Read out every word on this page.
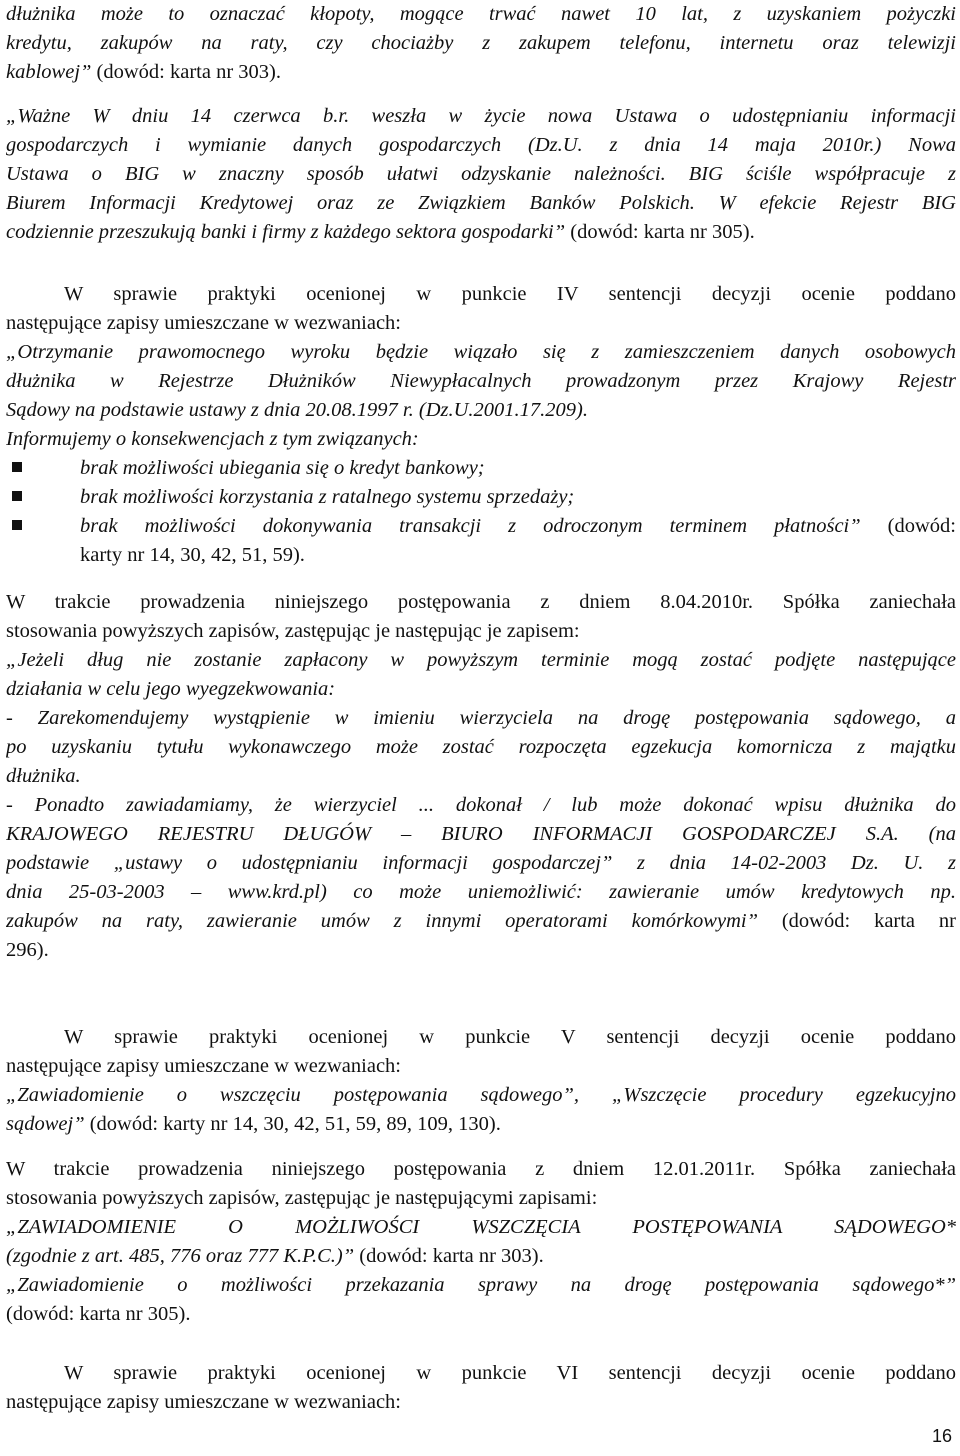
dłużnika może to oznaczać kłopoty, mogące trwać nawet 10 lat, z uzyskaniem pożyczki
kredytu, zakupów na raty, czy chociażby z zakupem telefonu, internetu oraz telewizji
kablowej” (dowód: karta nr 303).
„Ważne W dniu 14 czerwca b.r. weszła w życie nowa Ustawa o udostępnianiu informacji
gospodarczych i wymianie danych gospodarczych (Dz.U. z dnia 14 maja 2010r.) Nowa
Ustawa o BIG w znaczny sposób ułatwi odzyskanie należności. BIG ściśle współpracuje z
Biurem Informacji Kredytowej oraz ze Związkiem Banków Polskich. W efekcie Rejestr BIG
codziennie przeszukują banki i firmy z każdego sektora gospodarki” (dowód: karta nr 305).
W sprawie praktyki ocenionej w punkcie IV sentencji decyzji ocenie poddano
następujące zapisy umieszczane w wezwaniach:
„Otrzymanie prawomocnego wyroku będzie wiązało się z zamieszczeniem danych osobowych
dłużnika w Rejestrze Dłużników Niewypłacalnych prowadzonym przez Krajowy Rejestr
Sądowy na podstawie ustawy z dnia 20.08.1997 r. (Dz.U.2001.17.209).
Informujemy o konsekwencjach z tym związanych:
brak możliwości ubiegania się o kredyt bankowy;
brak możliwości korzystania z ratalnego systemu sprzedaży;
brak możliwości dokonywania transakcji z odroczonym terminem płatności” (dowód:
karty nr 14, 30, 42, 51, 59).
W trakcie prowadzenia niniejszego postępowania z dniem 8.04.2010r. Spółka zaniechała
stosowania powyższych zapisów, zastępując je następując je zapisem:
„Jeżeli dług nie zostanie zapłacony w powyższym terminie mogą zostać podjęte następujące
działania w celu jego wyegzekwowania:
- Zarekomendujemy wystąpienie w imieniu wierzyciela na drogę postępowania sądowego, a
po uzyskaniu tytułu wykonawczego może zostać rozpoczęta egzekucja komornicza z majątku
dłużnika.
- Ponadto zawiadamiamy, że wierzyciel ... dokonał / lub może dokonać wpisu dłużnika do
KRAJOWEGO REJESTRU DŁUGÓW – BIURO INFORMACJI GOSPODARCZEJ S.A. (na
podstawie „ustawy o udostępnianiu informacji gospodarczej” z dnia 14-02-2003 Dz. U. z
dnia 25-03-2003 – www.krd.pl) co może uniemożliwić: zawieranie umów kredytowych np.
zakupów na raty, zawieranie umów z innymi operatorami komórkowymi” (dowód: karta nr
296).
W sprawie praktyki ocenionej w punkcie V sentencji decyzji ocenie poddano
następujące zapisy umieszczane w wezwaniach:
„Zawiadomienie o wszczęciu postępowania sądowego”, „Wszczęcie procedury egzekucyjno
sądowej” (dowód: karty nr 14, 30, 42, 51, 59, 89, 109, 130).
W trakcie prowadzenia niniejszego postępowania z dniem 12.01.2011r. Spółka zaniechała
stosowania powyższych zapisów, zastępując je następującymi zapisami:
„ZAWIADOMIENIE O MOŻLIWOŚCI WSZCZĘCIA POSTĘPOWANIA SĄDOWEGO*
(zgodnie z art. 485, 776 oraz 777 K.P.C.)” (dowód: karta nr 303).
„Zawiadomienie o możliwości przekazania sprawy na drogę postępowania sądowego*”
(dowód: karta nr 305).
W sprawie praktyki ocenionej w punkcie VI sentencji decyzji ocenie poddano
następujące zapisy umieszczane w wezwaniach:
16
